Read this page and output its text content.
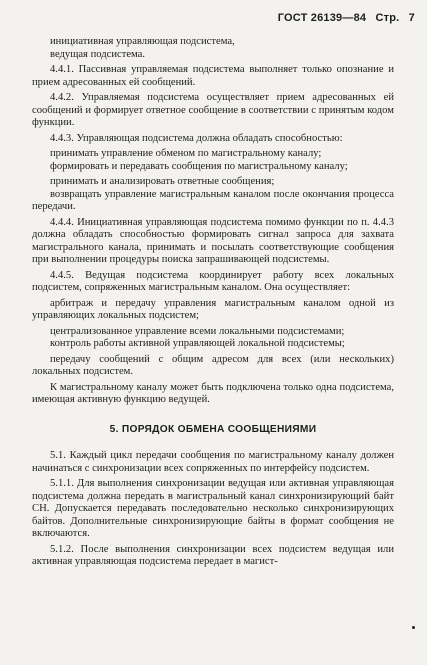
ГОСТ 26139—84 Стр. 7

инициативная управляющая подсистема,

ведущая подсистема.

4.4.1. Пассивная управляемая подсистема выполняет только опознание и прием адресованных ей сообщений.

4.4.2. Управляемая подсистема осуществляет прием адресованных ей сообщений и формирует ответное сообщение в соответствии с принятым кодом функции.

4.4.3. Управляющая подсистема должна обладать способностью:

принимать управление обменом по магистральному каналу;

формировать и передавать сообщения по магистральному каналу;

принимать и анализировать ответные сообщения;

возвращать управление магистральным каналом после окончания процесса передачи.

4.4.4. Инициативная управляющая подсистема помимо функции по п. 4.4.3 должна обладать способностью формировать сигнал запроса для захвата магистрального канала, принимать и посылать соответствующие сообщения при выполнении процедуры поиска запрашивающей подсистемы.

4.4.5. Ведущая подсистема координирует работу всех локальных подсистем, сопряженных магистральным каналом. Она осуществляет:

арбитраж и передачу управления магистральным каналом одной из управляющих локальных подсистем;

централизованное управление всеми локальными подсистемами;

контроль работы активной управляющей локальной подсистемы;

передачу сообщений с общим адресом для всех (или нескольких) локальных подсистем.

К магистральному каналу может быть подключена только одна подсистема, имеющая активную функцию ведущей.

5. ПОРЯДОК ОБМЕНА СООБЩЕНИЯМИ

5.1. Каждый цикл передачи сообщения по магистральному каналу должен начинаться с синхронизации всех сопряженных по интерфейсу подсистем.

5.1.1. Для выполнения синхронизации ведущая или активная управляющая подсистема должна передать в магистральный канал синхронизирующий байт СН. Допускается передавать последовательно несколько синхронизирующих байтов. Дополнительные синхронизирующие байты в формат сообщения не включаются.

5.1.2. После выполнения синхронизации всех подсистем ведущая или активная управляющая подсистема передает в магист-
